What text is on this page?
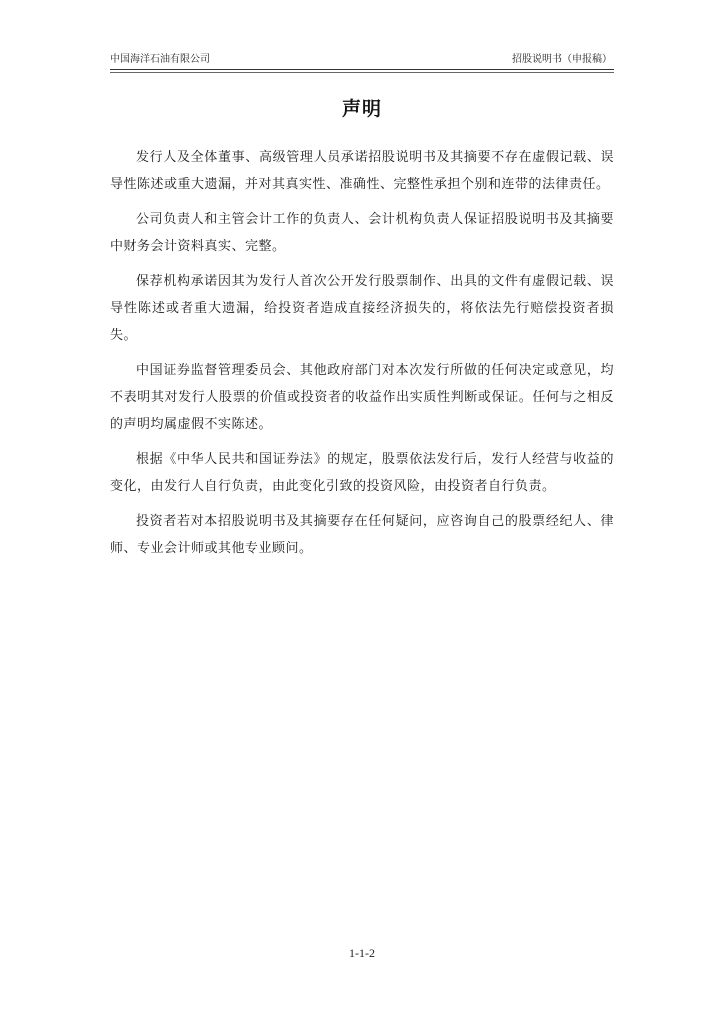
中国海洋石油有限公司	招股说明书（申报稿）
声明

发行人及全体董事、高级管理人员承诺招股说明书及其摘要不存在虚假记载、误导性陈述或重大遗漏，并对其真实性、准确性、完整性承担个别和连带的法律责任。

公司负责人和主管会计工作的负责人、会计机构负责人保证招股说明书及其摘要中财务会计资料真实、完整。

保荐机构承诺因其为发行人首次公开发行股票制作、出具的文件有虚假记载、误导性陈述或者重大遗漏，给投资者造成直接经济损失的，将依法先行赔偿投资者损失。

中国证券监督管理委员会、其他政府部门对本次发行所做的任何决定或意见，均不表明其对发行人股票的价值或投资者的收益作出实质性判断或保证。任何与之相反的声明均属虚假不实陈述。

根据《中华人民共和国证券法》的规定，股票依法发行后，发行人经营与收益的变化，由发行人自行负责，由此变化引致的投资风险，由投资者自行负责。

投资者若对本招股说明书及其摘要存在任何疑问，应咨询自己的股票经纪人、律师、专业会计师或其他专业顾问。

1-1-2
